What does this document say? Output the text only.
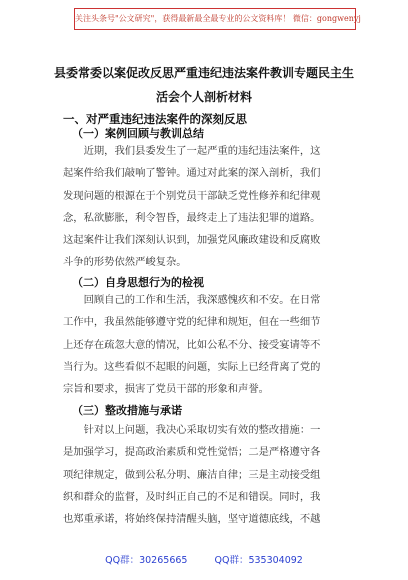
关注头条号"公文研究"，获得最新最全最专业的公文资料库！ 微信：gongwenyj
县委常委以案促改反思严重违纪违法案件教训专题民主生
活会个人剖析材料
一、对严重违纪违法案件的深刻反思
（一）案例回顾与教训总结
　　近期，我们县委发生了一起严重的违纪违法案件，这
起案件给我们敲响了警钟。通过对此案的深入剖析，我们
发现问题的根源在于个别党员干部缺乏党性修养和纪律观
念，私欲膨胀，利令智昏，最终走上了违法犯罪的道路。
这起案件让我们深刻认识到，加强党风廉政建设和反腐败
斗争的形势依然严峻复杂。
（二）自身思想行为的检视
　　回顾自己的工作和生活，我深感愧疚和不安。在日常
工作中，我虽然能够遵守党的纪律和规矩，但在一些细节
上还存在疏忽大意的情况，比如公私不分、接受宴请等不
当行为。这些看似不起眼的问题，实际上已经背离了党的
宗旨和要求，损害了党员干部的形象和声誉。
（三）整改措施与承诺
　　针对以上问题，我决心采取切实有效的整改措施：一
是加强学习，提高政治素质和党性觉悟；二是严格遵守各
项纪律规定，做到公私分明、廉洁自律；三是主动接受组
织和群众的监督，及时纠正自己的不足和错误。同时，我
也郑重承诺，将始终保持清醒头脑，坚守道德底线，不越
QQ群：30265665	QQ群：535304092
